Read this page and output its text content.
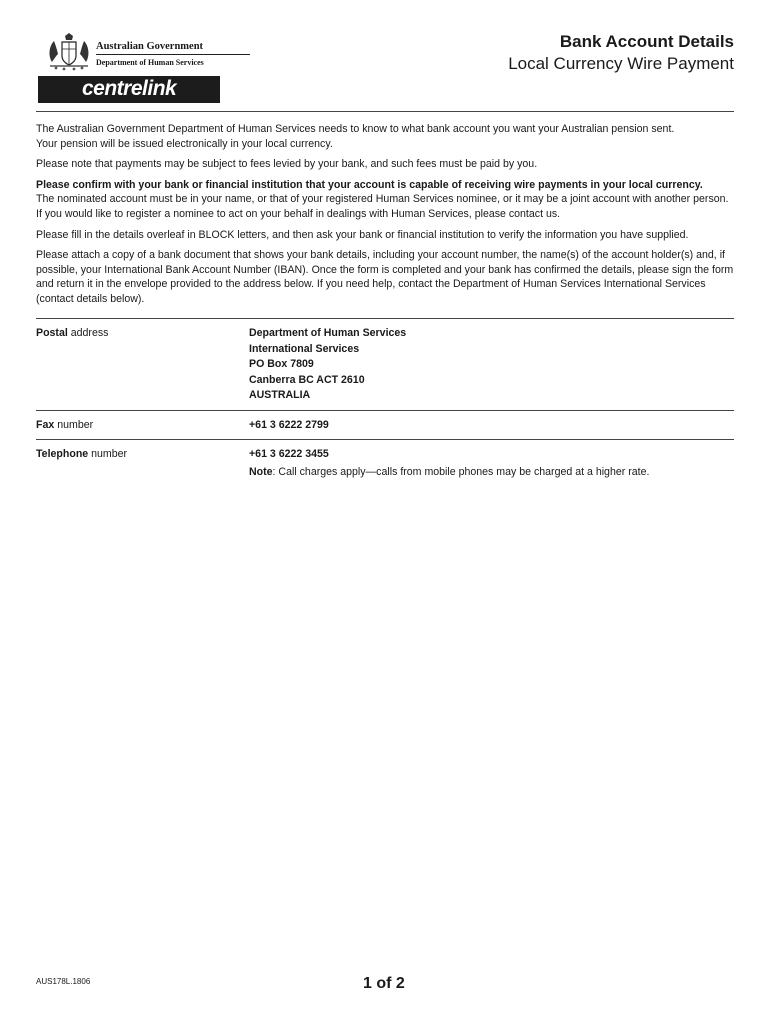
Australian Government
Department of Human Services
centrelink
Bank Account Details
Local Currency Wire Payment

The Australian Government Department of Human Services needs to know to what bank account you want your Australian pension sent.
Your pension will be issued electronically in your local currency.

Please note that payments may be subject to fees levied by your bank, and such fees must be paid by you.

Please confirm with your bank or financial institution that your account is capable of receiving wire payments in your local currency.
The nominated account must be in your name, or that of your registered Human Services nominee, or it may be a joint account with another person. If you would like to register a nominee to act on your behalf in dealings with Human Services, please contact us.

Please fill in the details overleaf in BLOCK letters, and then ask your bank or financial institution to verify the information you have supplied.

Please attach a copy of a bank document that shows your bank details, including your account number, the name(s) of the account holder(s) and, if possible, your International Bank Account Number (IBAN). Once the form is completed and your bank has confirmed the details, please sign the form and return it in the envelope provided to the address below. If you need help, contact the Department of Human Services International Services (contact details below).

Postal address	Department of Human Services
International Services
PO Box 7809
Canberra BC ACT 2610
AUSTRALIA
Fax number	+61 3 6222 2799
Telephone number	+61 3 6222 3455
Note: Call charges apply—calls from mobile phones may be charged at a higher rate.
AUS178L.1806	1 of 2
